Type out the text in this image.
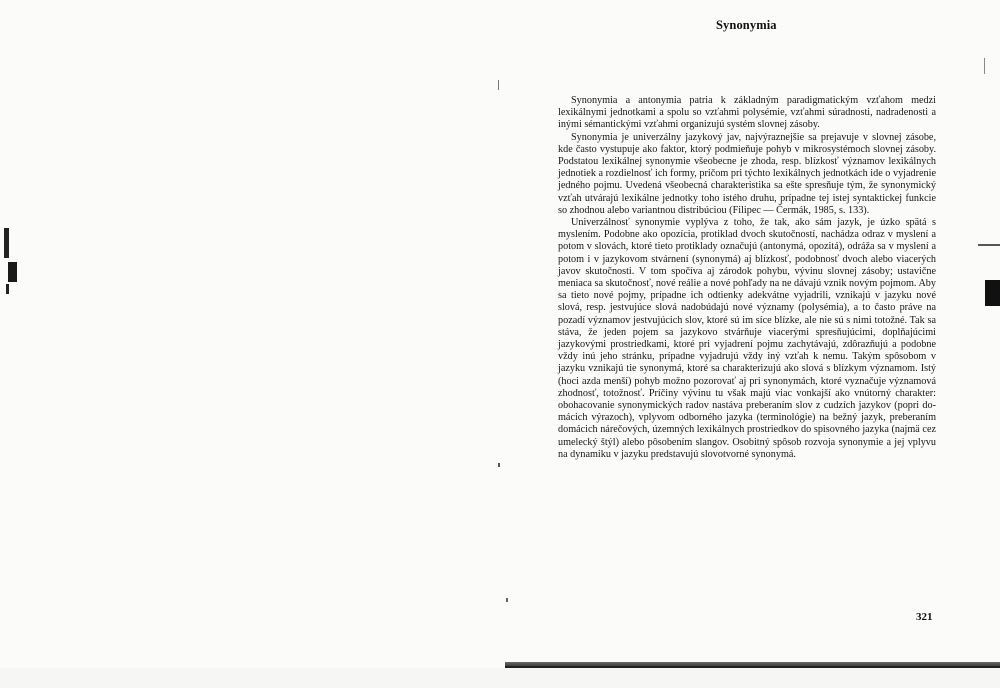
Synonymia

Synonymia a antonymia patria k základným paradigmatickým vzťahom medzi lexikálnymi jednotkami a spolu so vzťahmi polysémie, vzťahmi súradnosti, nadradenosti a inými sémantickými vzťahmi organizujú systém slovnej zásoby.

Synonymia je univerzálny jazykový jav, najvýraznejšie sa prejavuje v slovnej zásobe, kde často vystupuje ako faktor, ktorý podmieňuje pohyb v mikrosystémoch slovnej zásoby. Podstatou lexikálnej synonymie všeobecne je zhoda, resp. blízkosť významov lexikálnych jednotiek a rozdielnosť ich formy, pričom pri týchto lexikálnych jednotkách ide o vyjadrenie jedného pojmu. Uvedená všeobecná charakteristika sa ešte spresňuje tým, že synonymický vzťah utvárajú lexikálne jednotky toho istého druhu, prípadne tej istej syntaktickej funkcie so zhodnou alebo variantnou distribúciou (Filipec — Čermák, 1985, s. 133).

Univerzálnosť synonymie vyplýva z toho, že tak, ako sám jazyk, je úzko spätá s myslením. Podobne ako opozícia, protiklad dvoch skutočností, nachádza odraz v myslení a potom v slovách, ktoré tieto protiklady označujú (antonymá, opozitá), odráža sa v myslení a potom i v jazykovom stvárnení (synonymá) aj blízkosť, podobnosť dvoch alebo viacerých javov skutočnosti. V tom spočíva aj zárodok pohybu, vývinu slovnej zásoby; ustavične meniaca sa skutočnosť, nové reálie a nové pohľady na ne dávajú vznik novým pojmom. Aby sa tieto nové pojmy, prípadne ich odtienky adekvátne vyjadrili, vznikajú v jazyku nové slová, resp. jestvujúce slová nadobúdajú nové významy (polysémia), a to často práve na pozadí významov jestvujúcich slov, ktoré sú im síce blízke, ale nie sú s nimi totožné. Tak sa stáva, že jeden pojem sa jazykovo stvárňuje viacerými spresňujúcimi, doplňajúcimi jazykovými prostriedkami, ktoré pri vyjadrení pojmu zachytávajú, zdôrazňujú a podobne vždy inú jeho stránku, prípadne vyjadrujú vždy iný vzťah k nemu. Takým spôsobom v jazyku vznikajú tie synonymá, ktoré sa charakterizujú ako slová s blízkym významom. Istý (hoci azda menší) pohyb možno pozorovať aj pri synonymách, ktoré vyznačuje významová zhodnosť, totožnosť. Príčiny vývinu tu však majú viac vonkajší ako vnútorný charakter: obohacovanie synonymických radov nastáva preberaním slov z cudzích jazykov (popri domácich výrazoch), vplyvom odborného jazyka (terminológie) na bežný jazyk, preberaním domácich nárečových, územných lexikálnych prostriedkov do spisovného jazyka (najmä cez umelecký štýl) alebo pôsobením slangov. Osobitný spôsob rozvoja synonymie a jej vplyvu na dynamiku v jazyku predstavujú slovotvorné synonymá.

321
